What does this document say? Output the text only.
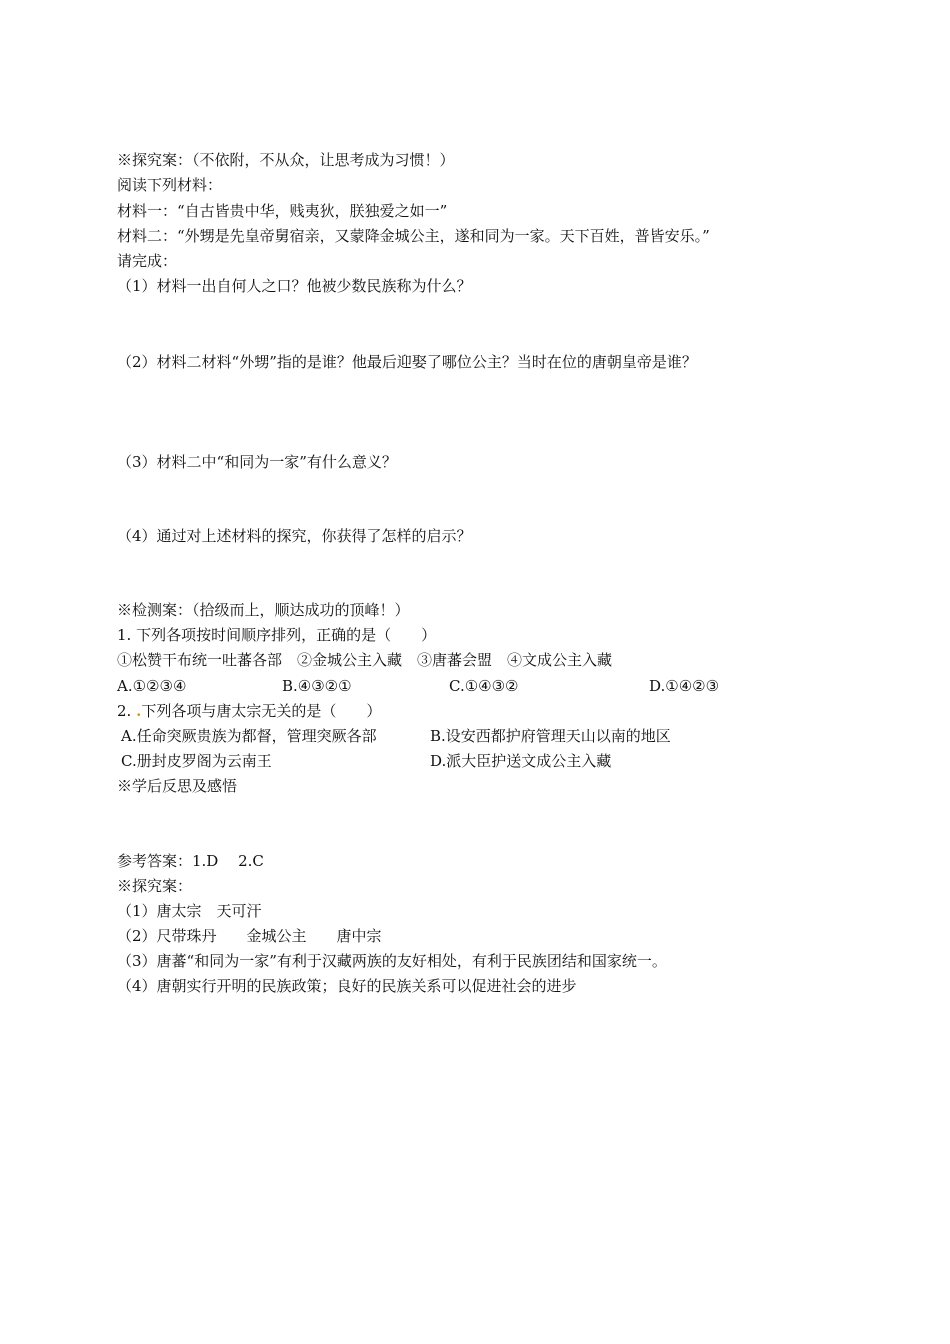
※探究案：（不依附，不从众，让思考成为习惯！）
阅读下列材料：
材料一：“自古皆贵中华，贱夷狄，朕独爱之如一”
材料二：“外甥是先皇帝舅宿亲，又蒙降金城公主，遂和同为一家。天下百姓，普皆安乐。”
请完成：
（1）材料一出自何人之口？他被少数民族称为什么？
（2）材料二材料“外甥”指的是谁？他最后迎娶了哪位公主？当时在位的唐朝皇帝是谁？
（3）材料二中“和同为一家”有什么意义？
（4）通过对上述材料的探究，你获得了怎样的启示？
※检测案：（拾级而上，顺达成功的顶峰！）
1. 下列各项按时间顺序排列，正确的是（　　）
①松赞干布统一吐蕃各部　②金城公主入藏　③唐蕃会盟　④文成公主入藏
A.①②③④	B.④③②①	C.①④③②	D.①④②③
2. .下列各项与唐太宗无关的是（　　）
A.任命突厥贵族为都督，管理突厥各部	B.设安西都护府管理天山以南的地区
C.册封皮罗阁为云南王	D.派大臣护送文成公主入藏
※学后反思及感悟
参考答案：1.D　 2.C
※探究案：
（1）唐太宗　天可汗
（2）尺带珠丹　　金城公主　　唐中宗
（3）唐蕃“和同为一家”有利于汉藏两族的友好相处，有利于民族团结和国家统一。
（4）唐朝实行开明的民族政策；良好的民族关系可以促进社会的进步
